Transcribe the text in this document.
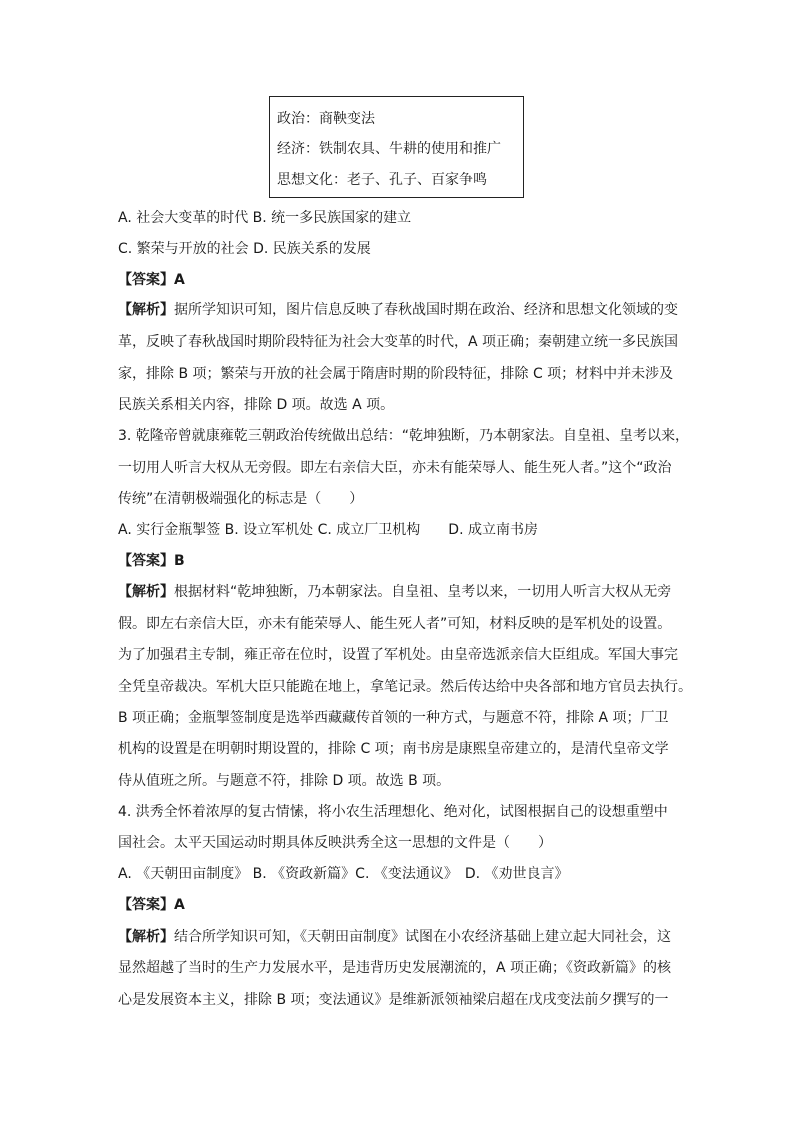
政治：商鞅变法
经济：铁制农具、牛耕的使用和推广
思想文化：老子、孔子、百家争鸣
A. 社会大变革的时代 B. 统一多民族国家的建立
C. 繁荣与开放的社会 D. 民族关系的发展
【答案】A
【解析】据所学知识可知，图片信息反映了春秋战国时期在政治、经济和思想文化领域的变
革，反映了春秋战国时期阶段特征为社会大变革的时代，A 项正确；秦朝建立统一多民族国
家，排除 B 项；繁荣与开放的社会属于隋唐时期的阶段特征，排除 C 项；材料中并未涉及
民族关系相关内容，排除 D 项。故选 A 项。
3. 乾隆帝曾就康雍乾三朝政治传统做出总结：“乾坤独断，乃本朝家法。自皇祖、皇考以来，
一切用人听言大权从无旁假。即左右亲信大臣，亦未有能荣辱人、能生死人者。”这个“政治
传统”在清朝极端强化的标志是（　　）
A. 实行金瓶掣签 B. 设立军机处 C. 成立厂卫机构　　D. 成立南书房
【答案】B
【解析】根据材料“乾坤独断，乃本朝家法。自皇祖、皇考以来，一切用人听言大权从无旁
假。即左右亲信大臣，亦未有能荣辱人、能生死人者”可知，材料反映的是军机处的设置。
为了加强君主专制，雍正帝在位时，设置了军机处。由皇帝选派亲信大臣组成。军国大事完
全凭皇帝裁决。军机大臣只能跪在地上，拿笔记录。然后传达给中央各部和地方官员去执行。
B 项正确；金瓶掣签制度是选举西藏藏传首领的一种方式，与题意不符，排除 A 项；厂卫
机构的设置是在明朝时期设置的，排除 C 项；南书房是康熙皇帝建立的，是清代皇帝文学
侍从值班之所。与题意不符，排除 D 项。故选 B 项。
4. 洪秀全怀着浓厚的复古情愫，将小农生活理想化、绝对化，试图根据自己的设想重塑中
国社会。太平天国运动时期具体反映洪秀全这一思想的文件是（　　）
A. 《天朝田亩制度》 B. 《资政新篇》C. 《变法通议》　D. 《劝世良言》
【答案】A
【解析】结合所学知识可知，《天朝田亩制度》试图在小农经济基础上建立起大同社会，这
显然超越了当时的生产力发展水平，是违背历史发展潮流的，A 项正确；《资政新篇》的核
心是发展资本主义，排除 B 项；变法通议》是维新派领袖梁启超在戊戌变法前夕撰写的一
